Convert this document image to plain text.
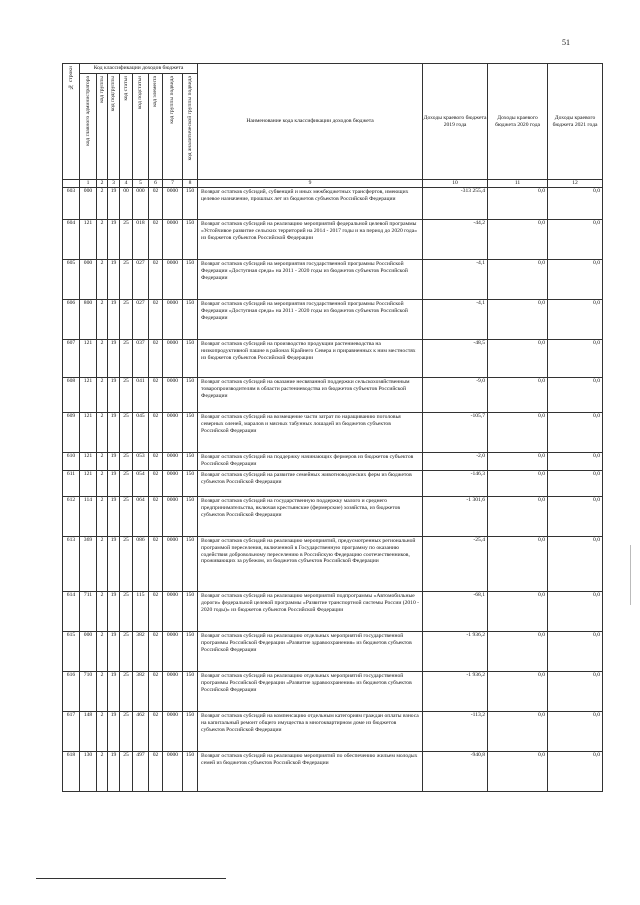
51
№ строки	Код классификации доходов бюджета								Наименование кода классификации доходов бюджета	Доходы краевого бюджета 2019 года	Доходы краевого бюджета 2020 года	Доходы краевого бюджета 2021 года

	код главного администратора	код группы	код подгруппы	код статьи	код подстатьи	код элемента	код группы подвида	код аналитической группы подвида				

	1	2	3	4	5	6	7	8	9	10	11	12
603	000	2	19	00	000	02	0000	150	Возврат остатков субсидий, субвенций и иных межбюджетных трансфертов, имеющих целевое назначение, прошлых лет из бюджетов субъектов Российской Федерации	-313 255,4	0,0	0,0
604	121	2	19	25	018	02	0000	150	Возврат остатков субсидий на реализацию мероприятий федеральной целевой программы «Устойчивое развитие сельских территорий на 2014 - 2017 годы и на период до 2020 года» из бюджетов субъектов Российской Федерации	-44,2	0,0	0,0
605	000	2	19	25	027	02	0000	150	Возврат остатков субсидий на мероприятия государственной программы Российской Федерации «Доступная среда» на 2011 - 2020 годы из бюджетов субъектов Российской Федерации	-4,1	0,0	0,0
606	800	2	19	25	027	02	0000	150	Возврат остатков субсидий на мероприятия государственной программы Российской Федерации «Доступная среда» на 2011 - 2020 годы из бюджетов субъектов Российской Федерации	-4,1	0,0	0,0
607	121	2	19	25	037	02	0000	150	Возврат остатков субсидий на производство продукции растениеводства на низкопродуктивной пашне в районах Крайнего Севера и приравненных к ним местностях из бюджетов субъектов Российской Федерации	-48,5	0,0	0,0
608	121	2	19	25	041	02	0000	150	Возврат остатков субсидий на оказание несвязанной поддержки сельскохозяйственным товаропроизводителям в области растениеводства из бюджетов субъектов Российской Федерации	-9,0	0,0	0,0
609	121	2	19	25	045	02	0000	150	Возврат остатков субсидий на возмещение части затрат по наращиванию поголовья северных оленей, маралов и мясных табунных лошадей из бюджетов субъектов Российской Федерации	-105,7	0,0	0,0
610	121	2	19	25	053	02	0000	150	Возврат остатков субсидий на поддержку начинающих фермеров из бюджетов субъектов Российской Федерации	-2,0	0,0	0,0
611	121	2	19	25	054	02	0000	150	Возврат остатков субсидий на развитие семейных животноводческих ферм из бюджетов субъектов Российской Федерации	-146,3	0,0	0,0
612	114	2	19	25	064	02	0000	150	Возврат остатков субсидий на государственную поддержку малого и среднего предпринимательства, включая крестьянские (фермерские) хозяйства, из бюджетов субъектов Российской Федерации	-1 301,6	0,0	0,0
613	369	2	19	25	086	02	0000	150	Возврат остатков субсидий на реализацию мероприятий, предусмотренных региональной программой переселения, включенной в Государственную программу по оказанию содействия добровольному переселению в Российскую Федерацию соотечественников, проживающих за рубежом, из бюджетов субъектов Российской Федерации	-25,4	0,0	0,0
614	711	2	19	25	115	02	0000	150	Возврат остатков субсидий на реализацию мероприятий подпрограммы «Автомобильные дороги» федеральной целевой программы «Развитие транспортной системы России (2010 - 2020 годы)» из бюджетов субъектов Российской Федерации	-68,1	0,0	0,0
615	000	2	19	25	382	02	0000	150	Возврат остатков субсидий на реализацию отдельных мероприятий государственной программы Российской Федерации «Развитие здравоохранения» из бюджетов субъектов Российской Федерации	-1 936,2	0,0	0,0
616	710	2	19	25	382	02	0000	150	Возврат остатков субсидий на реализацию отдельных мероприятий государственной программы Российской Федерации «Развитие здравоохранения» из бюджетов субъектов Российской Федерации	-1 936,2	0,0	0,0
617	148	2	19	25	462	02	0000	150	Возврат остатков субсидий на компенсацию отдельным категориям граждан оплаты взноса на капитальный ремонт общего имущества в многоквартирном доме из бюджетов субъектов Российской Федерации	-113,2	0,0	0,0
618	130	2	19	25	497	02	0000	150	Возврат остатков субсидий на реализацию мероприятий по обеспечению жильем молодых семей из бюджетов субъектов Российской Федерации	-940,8	0,0	0,0
